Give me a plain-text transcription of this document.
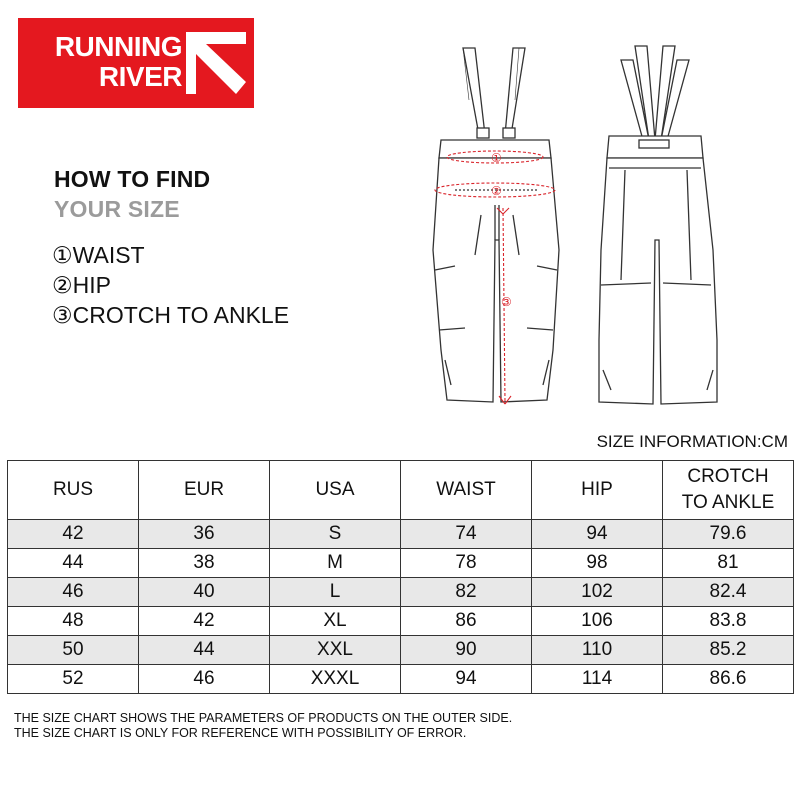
RUNNING
RIVER
HOW TO FIND
YOUR SIZE
①WAIST
②HIP
③CROTCH TO ANKLE
①
②
③
SIZE INFORMATION:CM
RUS	EUR	USA	WAIST	HIP	CROTCH
TO ANKLE
42	36	S	74	94	79.6
44	38	M	78	98	81
46	40	L	82	102	82.4
48	42	XL	86	106	83.8
50	44	XXL	90	110	85.2
52	46	XXXL	94	114	86.6
THE SIZE CHART SHOWS THE PARAMETERS OF PRODUCTS ON THE OUTER SIDE.
THE SIZE CHART IS ONLY FOR REFERENCE WITH POSSIBILITY OF ERROR.
